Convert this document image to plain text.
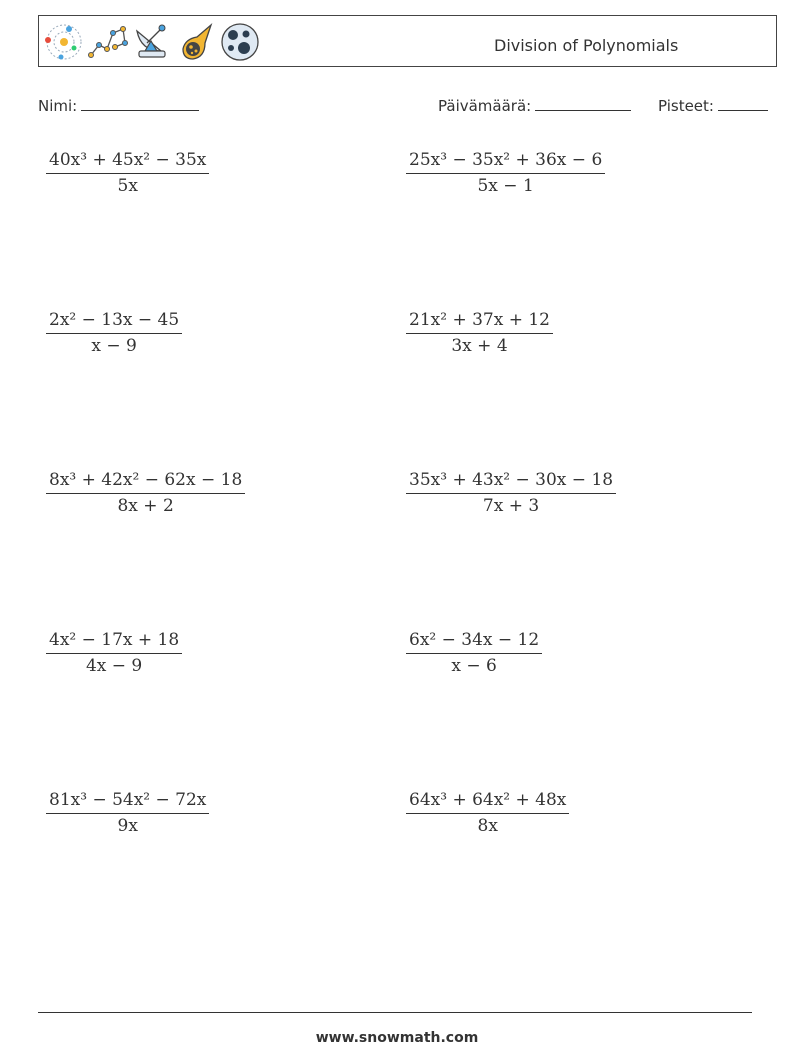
Division of Polynomials
Nimi:	Päivämäärä:	Pisteet:
40x³ + 45x² − 35x
5x
25x³ − 35x² + 36x − 6
5x − 1
2x² − 13x − 45
x − 9
21x² + 37x + 12
3x + 4
8x³ + 42x² − 62x − 18
8x + 2
35x³ + 43x² − 30x − 18
7x + 3
4x² − 17x + 18
4x − 9
6x² − 34x − 12
x − 6
81x³ − 54x² − 72x
9x
64x³ + 64x² + 48x
8x
www.snowmath.com
